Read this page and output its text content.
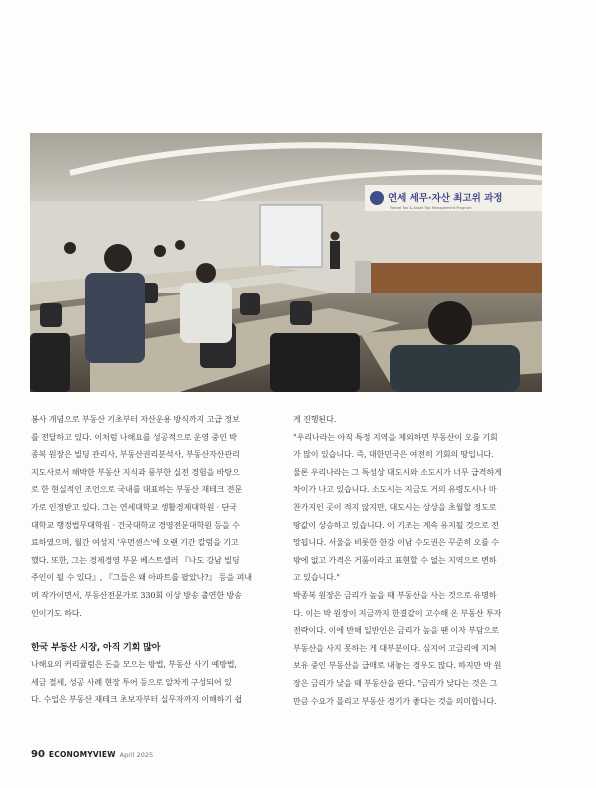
연세 세무·자산 최고위 과정
Yonsei Tax & Asset Top Management Program

봉사 개념으로 부동산 기초부터 자산운용 방식까지 고급 정보
를 전달하고 있다. 이처럼 나해요를 성공적으로 운영 중인 박
종복 원장은 빌딩 관리사, 부동산권리분석사, 부동산자산관리
지도사로서 해박한 부동산 지식과 풍부한 실전 경험을 바탕으
로 한 현실적인 조언으로 국내를 대표하는 부동산 재테크 전문
가로 인정받고 있다. 그는 연세대학교 생활경제대학원 · 단국
대학교 행정법무대학원 · 건국대학교 경영전문대학원 등을 수
료하였으며, 월간 여성지 '우먼센스'에 오랜 기간 칼럼을 기고
했다. 또한, 그는 경제경영 부문 베스트셀러 『나도 강남 빌딩
주인이 될 수 있다』, 『그들은 왜 아파트를 팔았나?』 등을 펴내
며 작가이면서, 부동산전문가로 330회 이상 방송 출연한 방송
인이기도 하다.

한국 부동산 시장, 아직 기회 많아

나해요의 커리큘럼은 돈을 모으는 방법, 부동산 사기 예방법,
세금 절세, 성공 사례 현장 투어 등으로 알차게 구성되어 있
다. 수업은 부동산 재테크 초보자부터 실무자까지 이해하기 쉽

게 진행된다.

"우리나라는 아직 특정 지역을 제외하면 부동산이 오를 기회
가 많이 있습니다. 즉, 대한민국은 여전히 기회의 땅입니다.
물론 우리나라는 그 특성상 대도시와 소도시가 너무 급격하게
차이가 나고 있습니다. 소도시는 지금도 거의 유령도시나 마
찬가지인 곳이 적지 않지만, 대도시는 상상을 초월할 정도로
땅값이 상승하고 있습니다. 이 기조는 계속 유지될 것으로 전
망됩니다. 서울을 비롯한 한강 이남 수도권은 꾸준히 오를 수
밖에 없고 가격은 거품이라고 표현할 수 없는 지역으로 변하
고 있습니다."

박종복 원장은 금리가 높을 때 부동산을 사는 것으로 유명하
다. 이는 박 원장이 지금까지 한결같이 고수해 온 부동산 투자
전략이다. 이에 반해 일반인은 금리가 높을 땐 이자 부담으로
부동산을 사지 못하는 게 대부분이다. 심지어 고금리에 지쳐
보유 중인 부동산을 급매로 내놓는 경우도 많다. 하지만 박 원
장은 금리가 낮을 때 부동산을 판다. "금리가 낮다는 것은 그
만큼 수요가 몰리고 부동산 경기가 좋다는 것을 의미합니다.

90 ECONOMYVIEW April 2025
